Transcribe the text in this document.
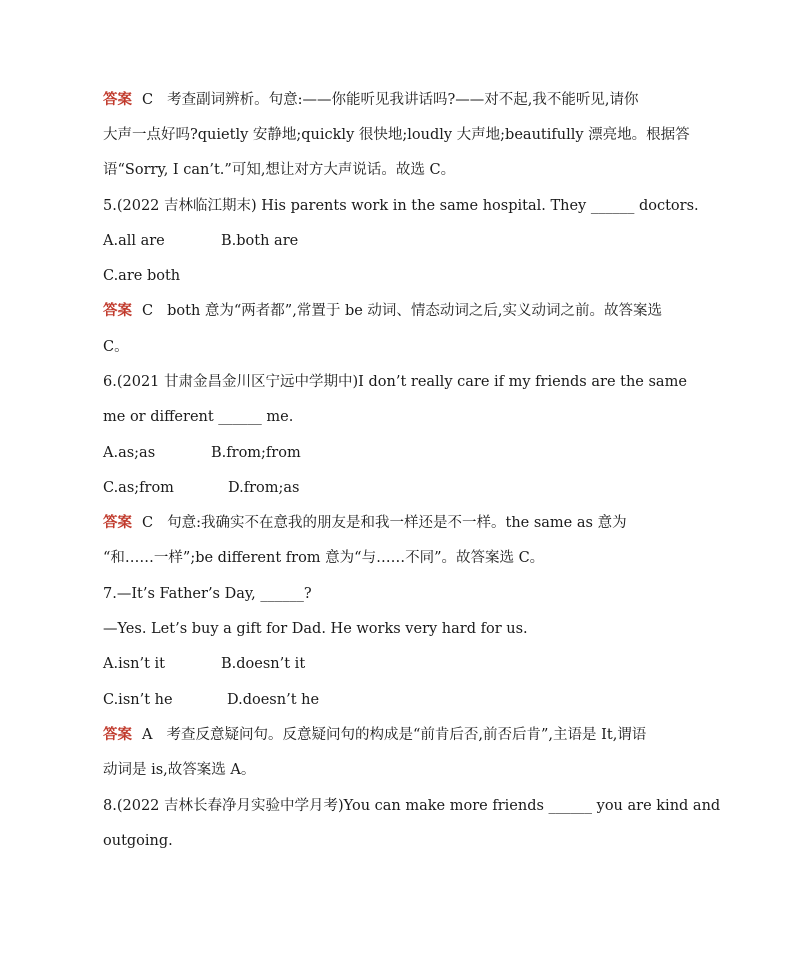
答案 C 考查副词辨析。句意:——你能听见我讲话吗?——对不起,我不能听见,请你
大声一点好吗?quietly 安静地;quickly 很快地;loudly 大声地;beautifully 漂亮地。根据答
语“Sorry, I can’t.”可知,想让对方大声说话。故选 C。
5.(2022 吉林临江期末) His parents work in the same hospital. They ______ doctors.
A.all are	B.both are
C.are both
答案 C both 意为“两者都”,常置于 be 动词、情态动词之后,实义动词之前。故答案选
C。
6.(2021 甘肃金昌金川区宁远中学期中)I don’t really care if my friends are the same
me or different ______ me.
A.as;as	B.from;from
C.as;from	D.from;as
答案 C 句意:我确实不在意我的朋友是和我一样还是不一样。the same as 意为
“和……一样”;be different from 意为“与……不同”。故答案选 C。
7.—It’s Father’s Day, ______?
—Yes. Let’s buy a gift for Dad. He works very hard for us.
A.isn’t it	B.doesn’t it
C.isn’t he	D.doesn’t he
答案 A 考查反意疑问句。反意疑问句的构成是“前肯后否,前否后肯”,主语是 It,谓语
动词是 is,故答案选 A。
8.(2022 吉林长春净月实验中学月考)You can make more friends ______ you are kind and
outgoing.
